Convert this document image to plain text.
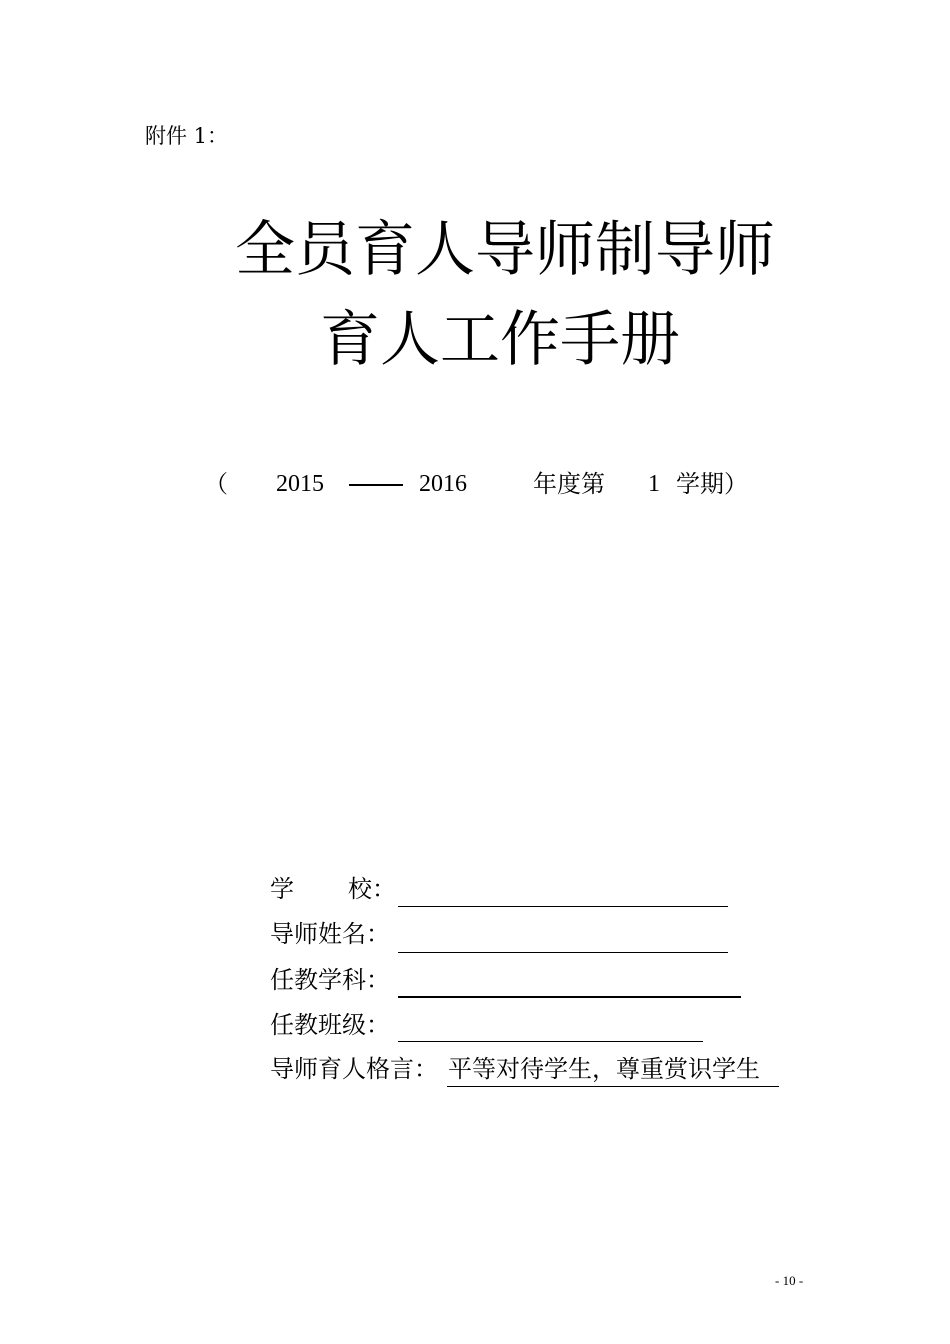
附件 1：
全员育人导师制导师
育人工作手册
（ 2015	2016	年度第 1 学期）
学 校：
导师姓名：
任教学科：
任教班级：
导师育人格言： 平等对待学生，尊重赏识学生
- 10 -
